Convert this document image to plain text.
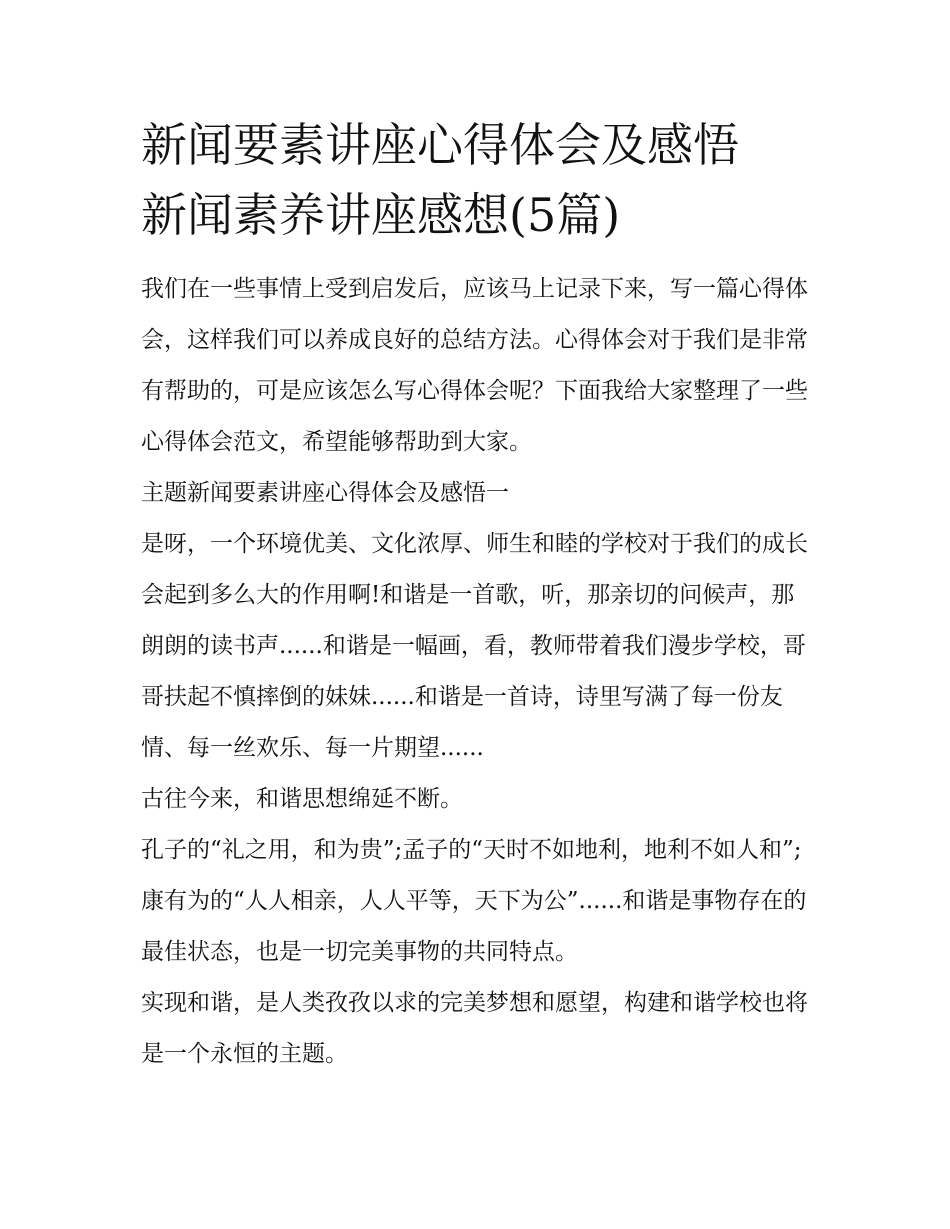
新闻要素讲座心得体会及感悟
新闻素养讲座感想(5篇)

我们在一些事情上受到启发后，应该马上记录下来，写一篇心得体会，这样我们可以养成良好的总结方法。心得体会对于我们是非常有帮助的，可是应该怎么写心得体会呢？下面我给大家整理了一些心得体会范文，希望能够帮助到大家。

主题新闻要素讲座心得体会及感悟一

是呀，一个环境优美、文化浓厚、师生和睦的学校对于我们的成长会起到多么大的作用啊!和谐是一首歌，听，那亲切的问候声，那朗朗的读书声......和谐是一幅画，看，教师带着我们漫步学校，哥哥扶起不慎摔倒的妹妹......和谐是一首诗，诗里写满了每一份友情、每一丝欢乐、每一片期望......

古往今来，和谐思想绵延不断。

孔子的“礼之用，和为贵”;孟子的“天时不如地利，地利不如人和”;康有为的“人人相亲，人人平等，天下为公”......和谐是事物存在的最佳状态，也是一切完美事物的共同特点。

实现和谐，是人类孜孜以求的完美梦想和愿望，构建和谐学校也将是一个永恒的主题。
